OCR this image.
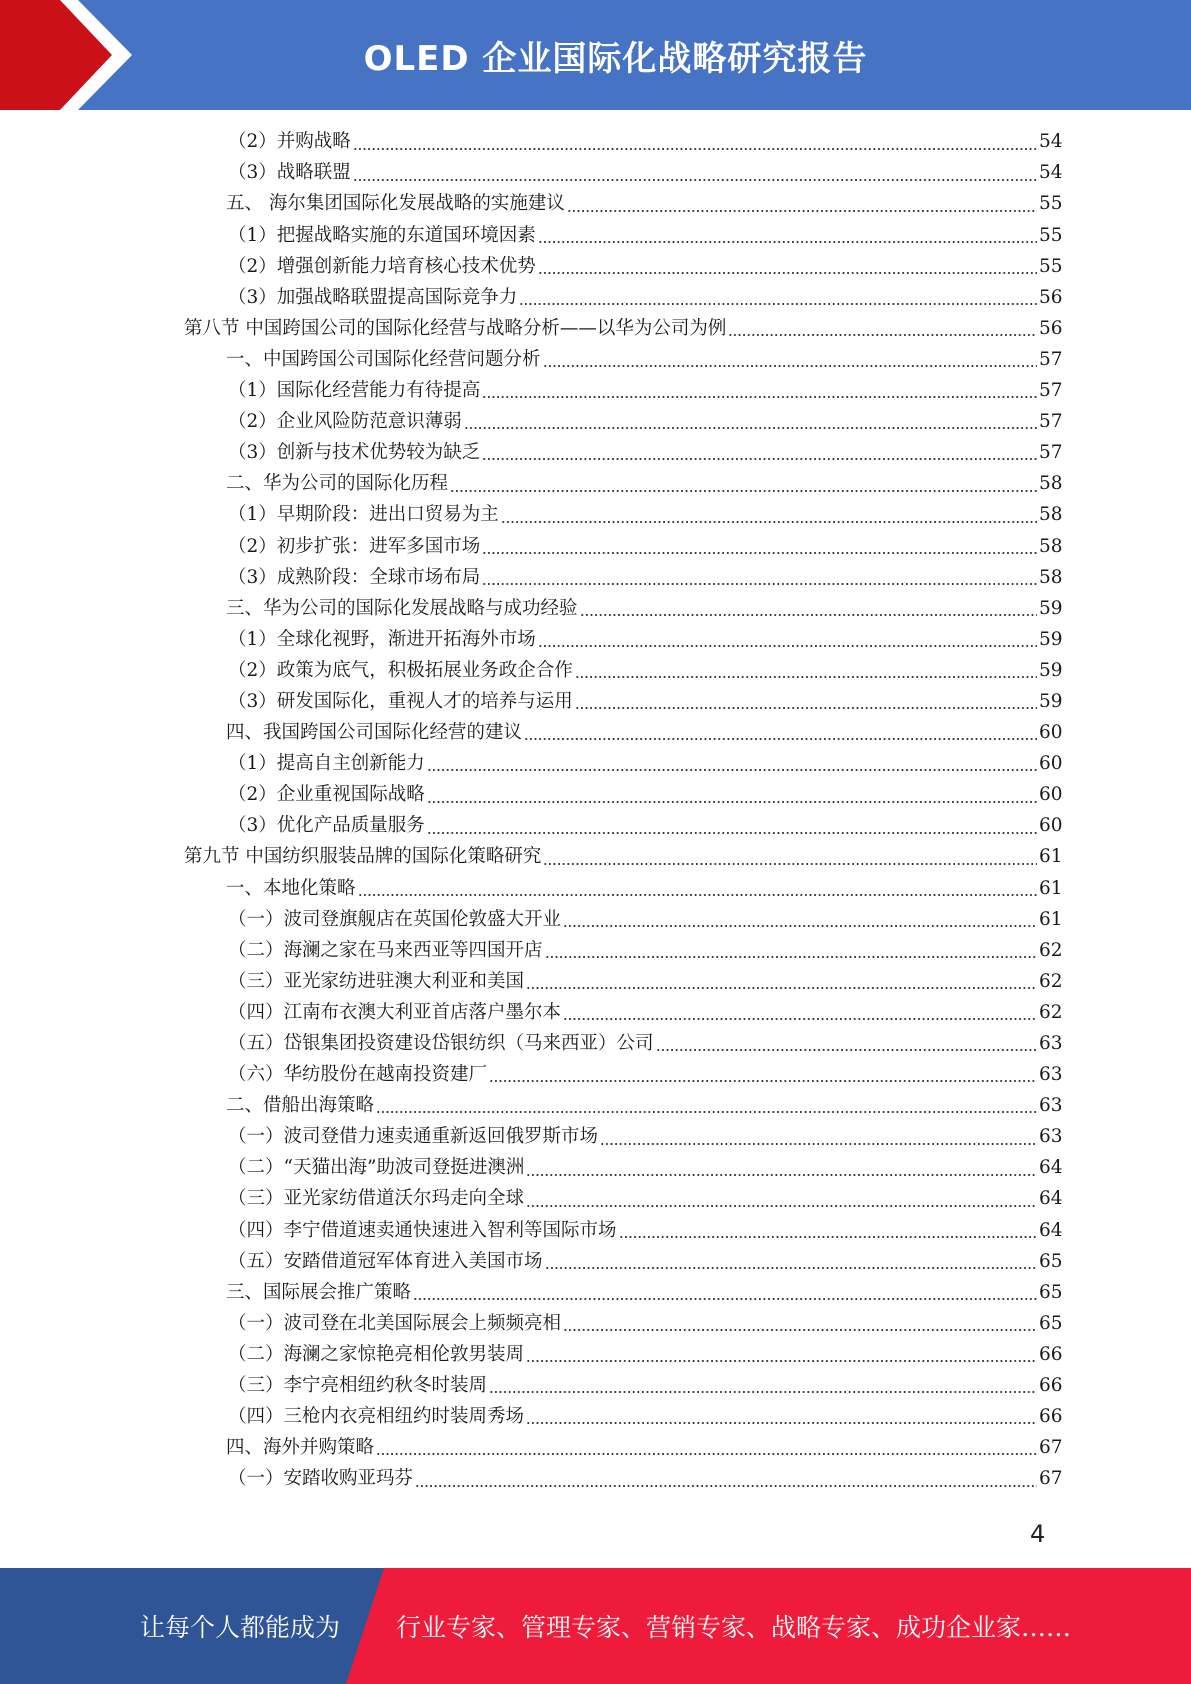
OLED 企业国际化战略研究报告
（2）并购战略	54
（3）战略联盟	54
五、 海尔集团国际化发展战略的实施建议	55
（1）把握战略实施的东道国环境因素	55
（2）增强创新能力培育核心技术优势	55
（3）加强战略联盟提高国际竞争力	56
第八节 中国跨国公司的国际化经营与战略分析——以华为公司为例	56
一、中国跨国公司国际化经营问题分析	57
（1）国际化经营能力有待提高	57
（2）企业风险防范意识薄弱	57
（3）创新与技术优势较为缺乏	57
二、华为公司的国际化历程	58
（1）早期阶段：进出口贸易为主	58
（2）初步扩张：进军多国市场	58
（3）成熟阶段：全球市场布局	58
三、华为公司的国际化发展战略与成功经验	59
（1）全球化视野，渐进开拓海外市场	59
（2）政策为底气，积极拓展业务政企合作	59
（3）研发国际化，重视人才的培养与运用	59
四、我国跨国公司国际化经营的建议	60
（1）提高自主创新能力	60
（2）企业重视国际战略	60
（3）优化产品质量服务	60
第九节 中国纺织服装品牌的国际化策略研究	61
一、本地化策略	61
（一）波司登旗舰店在英国伦敦盛大开业	61
（二）海澜之家在马来西亚等四国开店	62
（三）亚光家纺进驻澳大利亚和美国	62
（四）江南布衣澳大利亚首店落户墨尔本	62
（五）岱银集团投资建设岱银纺织（马来西亚）公司	63
（六）华纺股份在越南投资建厂	63
二、借船出海策略	63
（一）波司登借力速卖通重新返回俄罗斯市场	63
（二）“天猫出海”助波司登挺进澳洲	64
（三）亚光家纺借道沃尔玛走向全球	64
（四）李宁借道速卖通快速进入智利等国际市场	64
（五）安踏借道冠军体育进入美国市场	65
三、国际展会推广策略	65
（一）波司登在北美国际展会上频频亮相	65
（二）海澜之家惊艳亮相伦敦男装周	66
（三）李宁亮相纽约秋冬时装周	66
（四）三枪内衣亮相纽约时装周秀场	66
四、海外并购策略	67
（一）安踏收购亚玛芬	67
4
让每个人都能成为 行业专家、管理专家、营销专家、战略专家、成功企业家……
